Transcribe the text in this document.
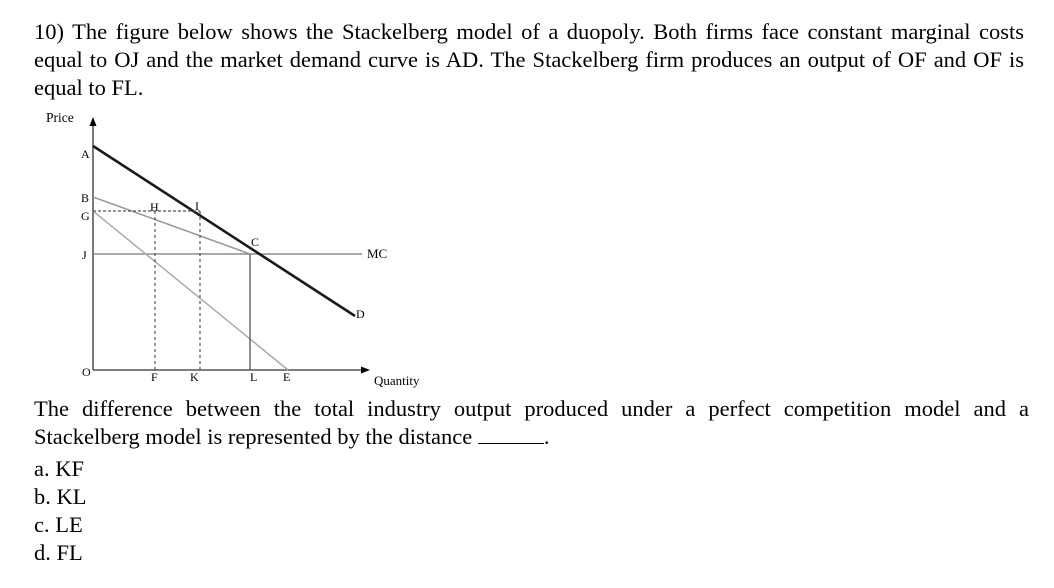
10) The figure below shows the Stackelberg model of a duopoly. Both firms face constant marginal costs equal to OJ and the market demand curve is AD. The Stackelberg firm produces an output of OF and OF is equal to FL.
Price
Quantity
MC
A
B
G
J
O
H	I
C
D
F	K	L E
The difference between the total industry output produced under a perfect competition model and a Stackelberg model is represented by the distance	.
a. KF
b. KL
c. LE
d. FL
